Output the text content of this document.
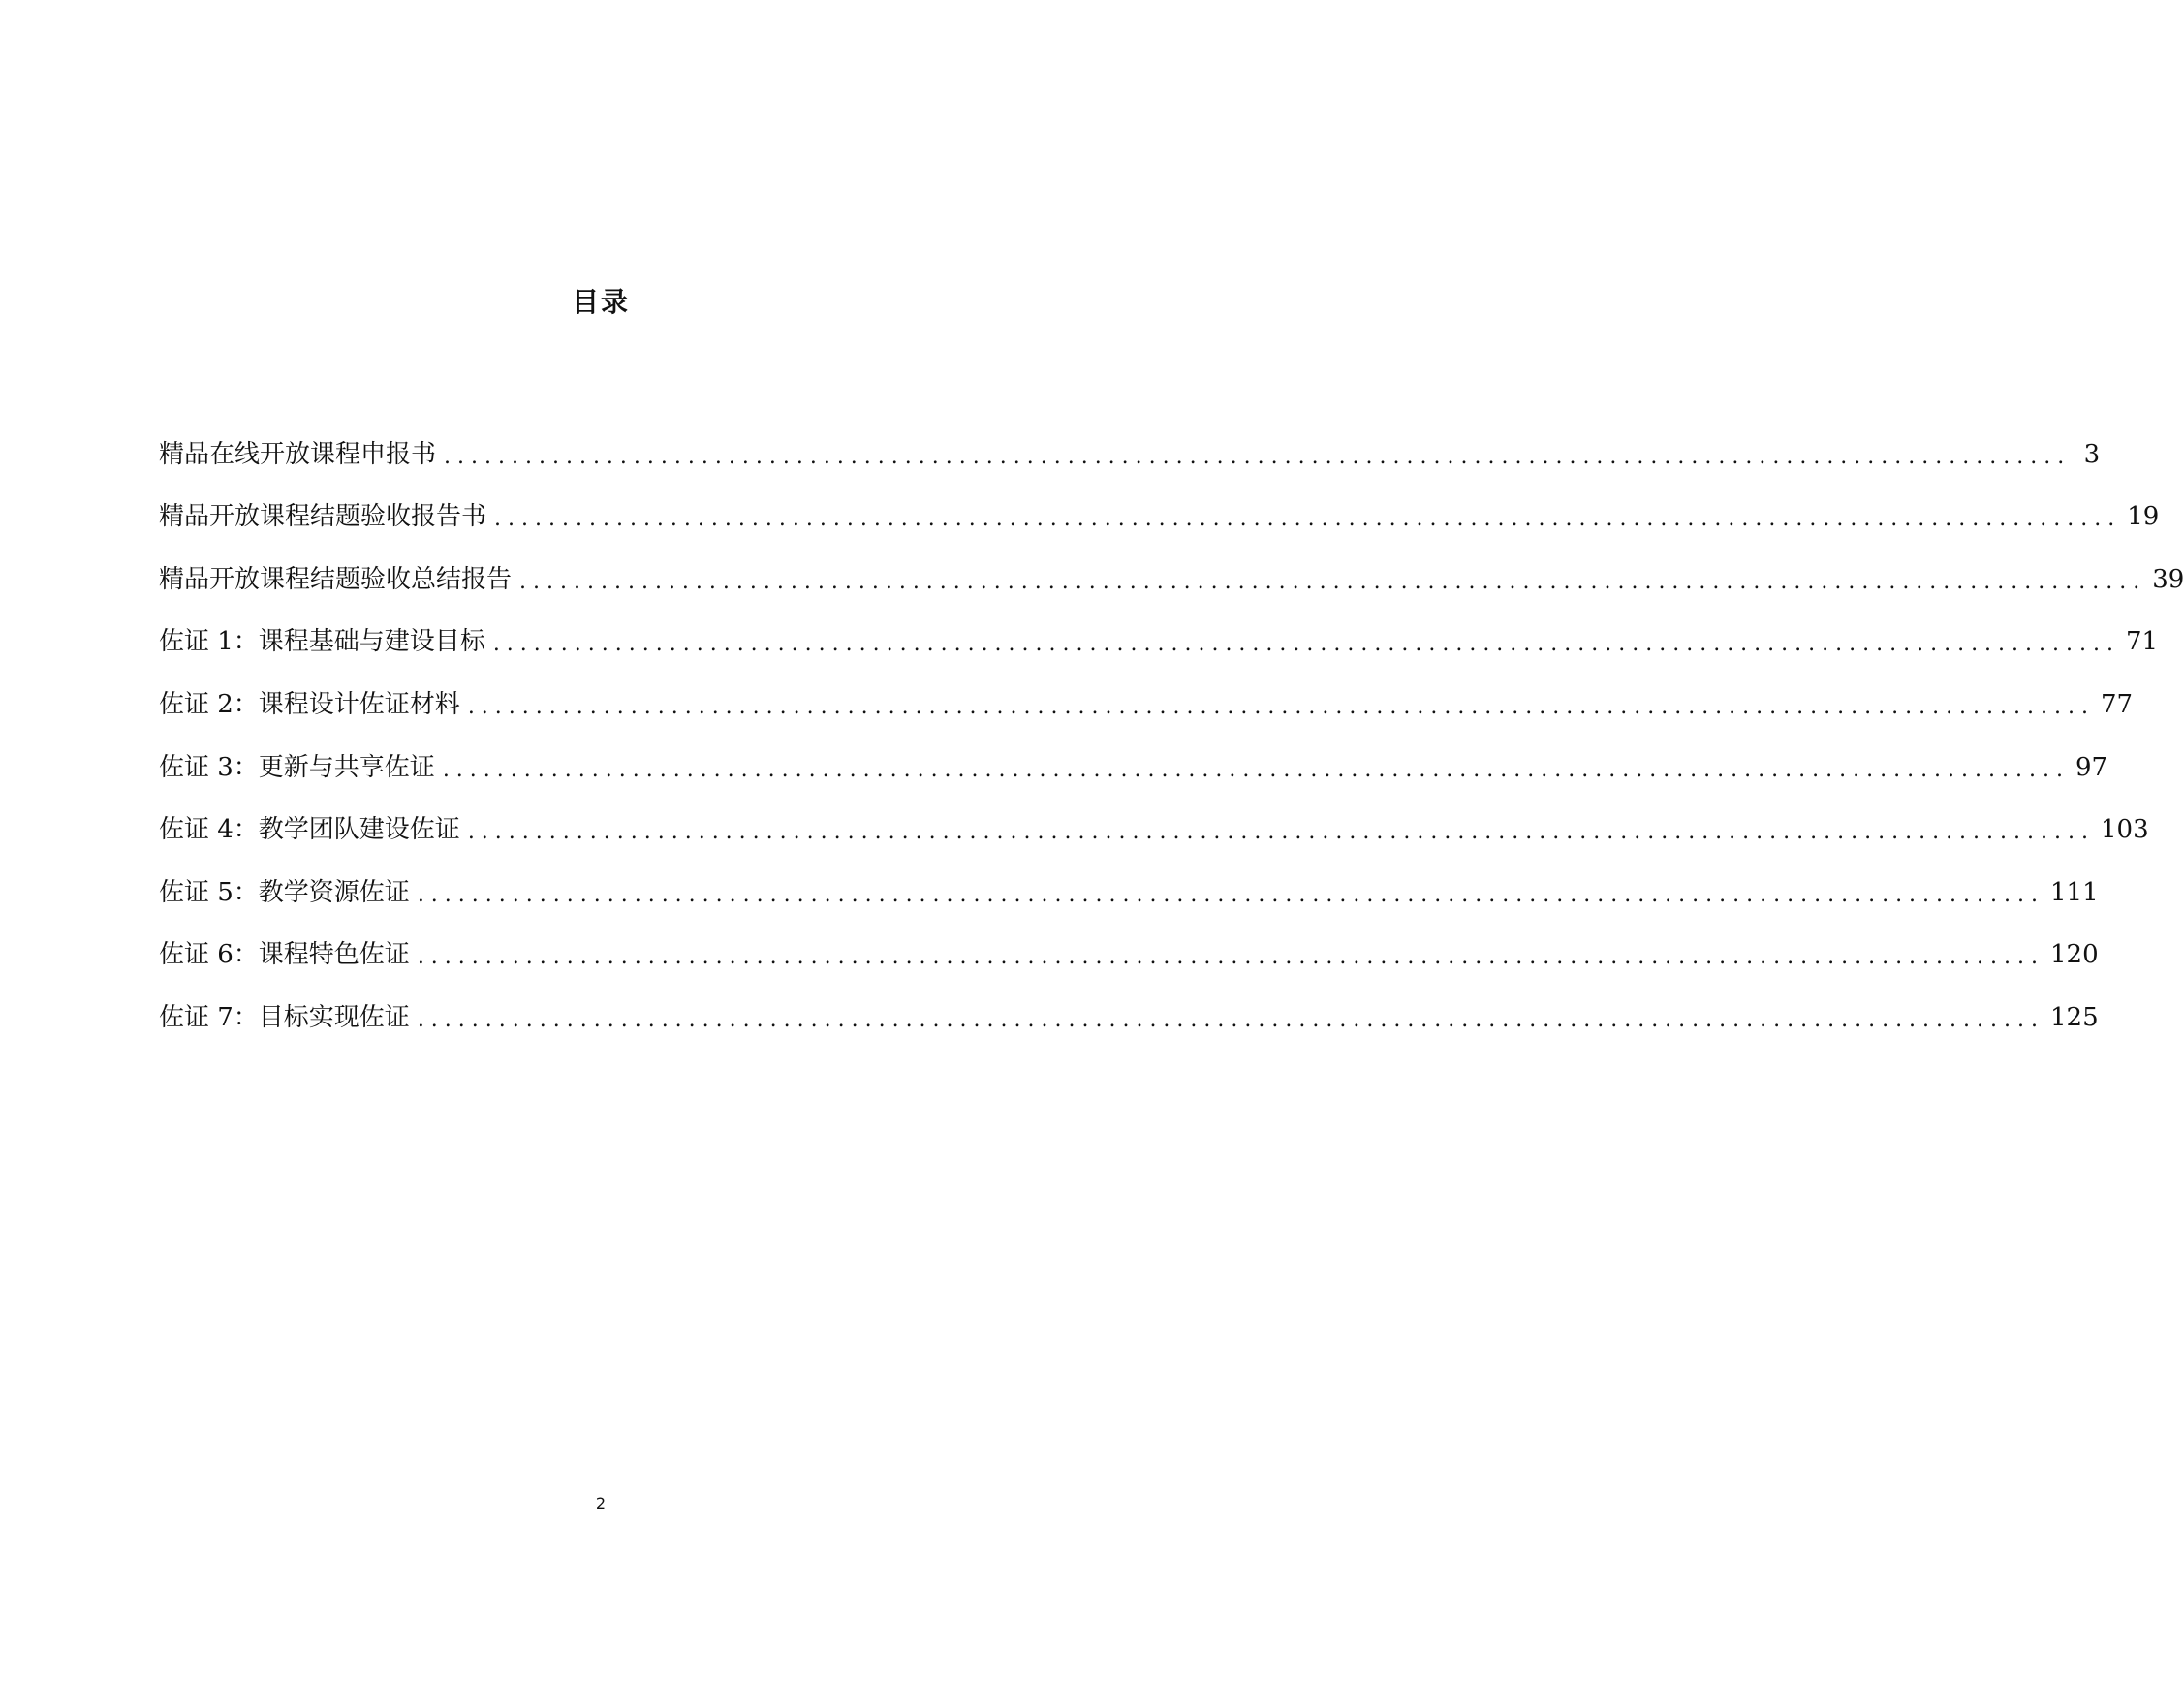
目录
精品在线开放课程申报书 ........................................................................................................................ 3
精品开放课程结题验收报告书 ........................................................................................................................ 19
精品开放课程结题验收总结报告 ........................................................................................................................ 39
佐证 1：课程基础与建设目标 ........................................................................................................................ 71
佐证 2：课程设计佐证材料 ........................................................................................................................ 77
佐证 3：更新与共享佐证 ........................................................................................................................ 97
佐证 4：教学团队建设佐证 ........................................................................................................................ 103
佐证 5：教学资源佐证 ........................................................................................................................ 111
佐证 6：课程特色佐证 ........................................................................................................................ 120
佐证 7：目标实现佐证 ........................................................................................................................ 125
2
